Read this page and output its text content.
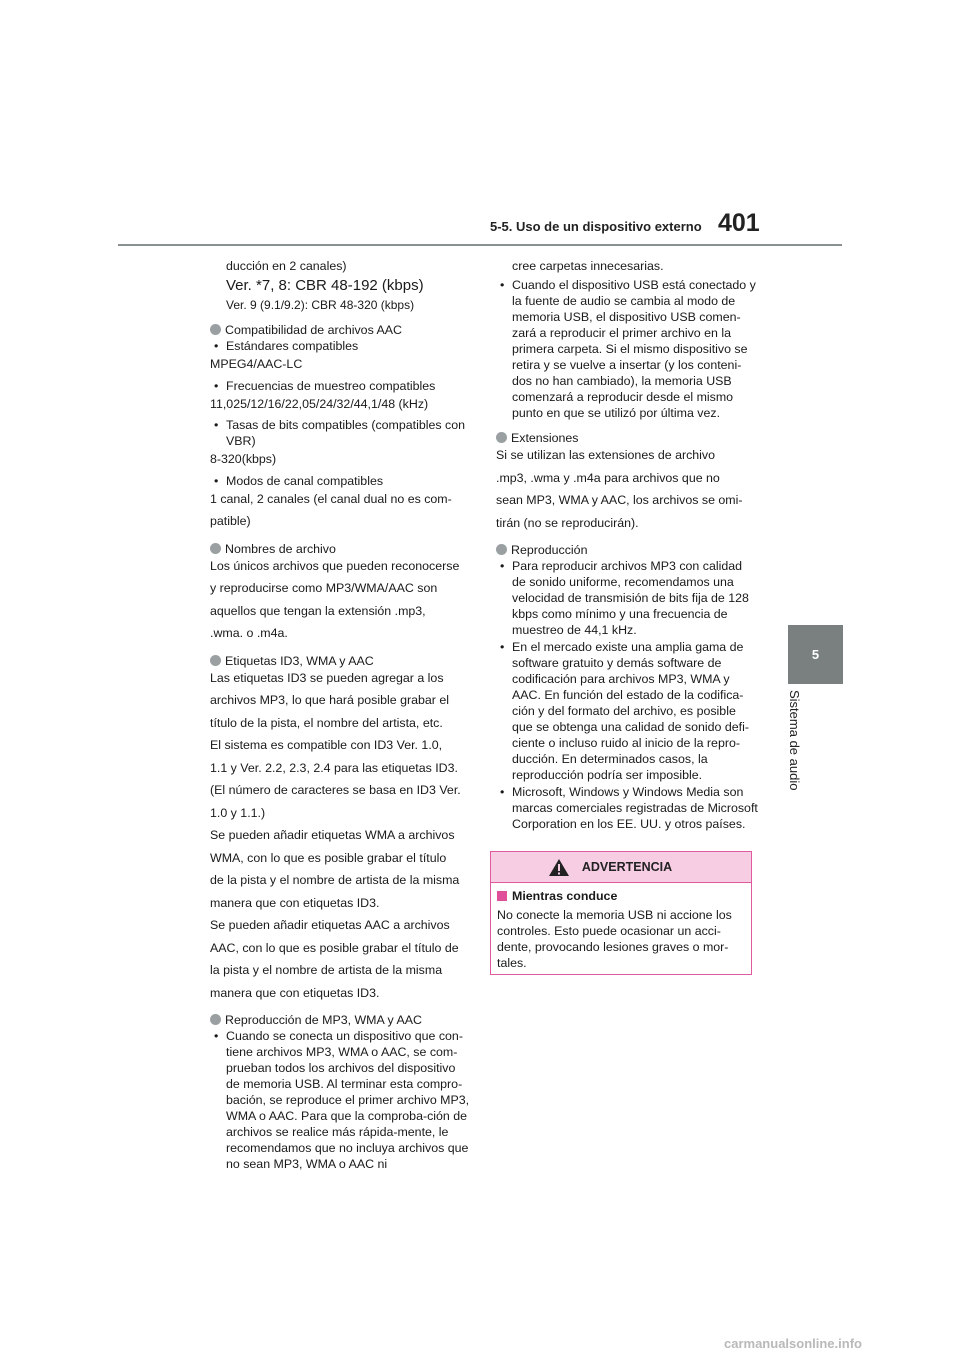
5-5. Uso de un dispositivo externo 401
5
Sistema de audio

ducción en 2 canales)

Ver. *7, 8: CBR 48-192 (kbps)

Ver. 9 (9.1/9.2): CBR 48-320 (kbps)

Compatibilidad de archivos AAC

• Estándares compatibles

MPEG4/AAC-LC

• Frecuencias de muestreo compatibles

11,025/12/16/22,05/24/32/44,1/48 (kHz)

• Tasas de bits compatibles (compatibles con VBR)

8-320(kbps)

• Modos de canal compatibles

1 canal, 2 canales (el canal dual no es com-

patible)

Nombres de archivo

Los únicos archivos que pueden reconocerse

y reproducirse como MP3/WMA/AAC son

aquellos que tengan la extensión .mp3,

.wma. o .m4a.

Etiquetas ID3, WMA y AAC

Las etiquetas ID3 se pueden agregar a los

archivos MP3, lo que hará posible grabar el

título de la pista, el nombre del artista, etc.

El sistema es compatible con ID3 Ver. 1.0,

1.1 y Ver. 2.2, 2.3, 2.4 para las etiquetas ID3.

(El número de caracteres se basa en ID3 Ver.

1.0 y 1.1.)

Se pueden añadir etiquetas WMA a archivos

WMA, con lo que es posible grabar el título

de la pista y el nombre de artista de la misma

manera que con etiquetas ID3.

Se pueden añadir etiquetas AAC a archivos

AAC, con lo que es posible grabar el título de

la pista y el nombre de artista de la misma

manera que con etiquetas ID3.

Reproducción de MP3, WMA y AAC

• Cuando se conecta un dispositivo que con-tiene archivos MP3, WMA o AAC, se com-prueban todos los archivos del dispositivo de memoria USB. Al terminar esta compro-bación, se reproduce el primer archivo MP3, WMA o AAC. Para que la comproba-ción de archivos se realice más rápida-mente, le recomendamos que no incluya archivos que no sean MP3, WMA o AAC ni

cree carpetas innecesarias.

• Cuando el dispositivo USB está conectado y la fuente de audio se cambia al modo de memoria USB, el dispositivo USB comen-zará a reproducir el primer archivo en la primera carpeta. Si el mismo dispositivo se retira y se vuelve a insertar (y los conteni-dos no han cambiado), la memoria USB comenzará a reproducir desde el mismo punto en que se utilizó por última vez.

Extensiones

Si se utilizan las extensiones de archivo

.mp3, .wma y .m4a para archivos que no

sean MP3, WMA y AAC, los archivos se omi-

tirán (no se reproducirán).

Reproducción

• Para reproducir archivos MP3 con calidad de sonido uniforme, recomendamos una velocidad de transmisión de bits fija de 128 kbps como mínimo y una frecuencia de muestreo de 44,1 kHz.

• En el mercado existe una amplia gama de software gratuito y demás software de codificación para archivos MP3, WMA y AAC. En función del estado de la codifica-ción y del formato del archivo, es posible que se obtenga una calidad de sonido defi-ciente o incluso ruido al inicio de la repro-ducción. En determinados casos, la reproducción podría ser imposible.

• Microsoft, Windows y Windows Media son marcas comerciales registradas de Microsoft Corporation en los EE. UU. y otros países.

ADVERTENCIA
Mientras conduce

No conecte la memoria USB ni accione los controles. Esto puede ocasionar un acci-dente, provocando lesiones graves o mor-tales.

carmanualsonline.info
